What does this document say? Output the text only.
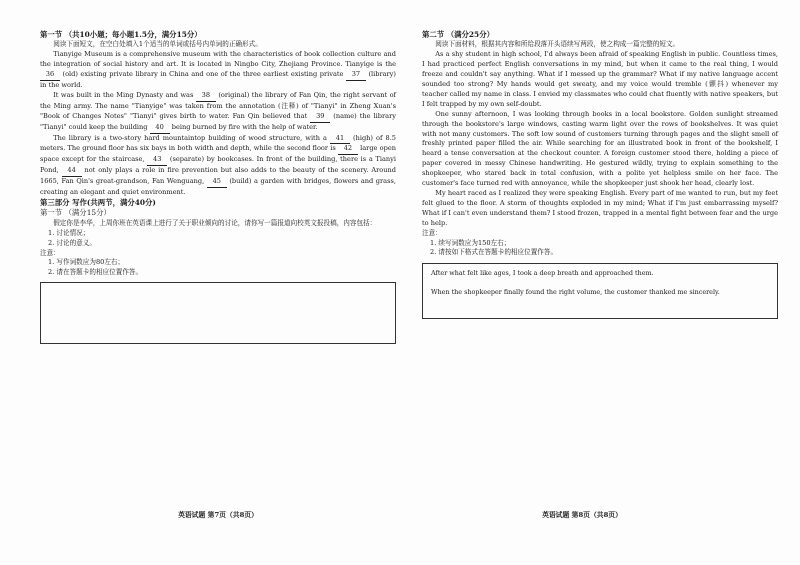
第一节 （共10小题；每小题1.5分，满分15分）

阅读下面短文，在空白处填入1个适当的单词或括号内单词的正确形式。

Tianyige Museum is a comprehensive museum with the characteristics of book collection culture and the integration of social history and art. It is located in Ningbo City, Zhejiang Province. Tianyige is the 36 (old) existing private library in China and one of the three earliest existing private 37 (library) in the world.

It was built in the Ming Dynasty and was 38 (original) the library of Fan Qin, the right servant of the Ming army. The name "Tianyige" was taken from the annotation (注释) of "Tianyi" in Zheng Xuan's "Book of Changes Notes" "Tianyi" gives birth to water. Fan Qin believed that 39 (name) the library "Tianyi" could keep the building 40 being burned by fire with the help of water.

The library is a two-story hard mountaintop building of wood structure, with a 41 (high) of 8.5 meters. The ground floor has six bays in both width and depth, while the second floor is 42 large open space except for the staircase, 43 (separate) by bookcases. In front of the building, there is a Tianyi Pond, 44 not only plays a role in fire prevention but also adds to the beauty of the scenery. Around 1665, Fan Qin's great-grandson, Fan Wenguang, 45 (build) a garden with bridges, flowers and grass, creating an elegant and quiet environment.

第三部分 写作(共两节，满分40分)

第一节 （满分15分）

假定你是李华，上周你班在英语课上进行了关于职业倾向的讨论，请你写一篇报道向校英文报投稿，内容包括：

1. 讨论情况；

2. 讨论的意义。

注意：

1. 写作词数应为80左右；

2. 请在答题卡的相应位置作答。

英语试题 第7页（共8页）

第二节 （满分25分）

阅读下面材料，根据其内容和所给段落开头语续写两段，使之构成一篇完整的短文。

As a shy student in high school, I'd always been afraid of speaking English in public. Countless times, I had practiced perfect English conversations in my mind, but when it came to the real thing, I would freeze and couldn't say anything. What if I messed up the grammar? What if my native language accent sounded too strong? My hands would get sweaty, and my voice would tremble (颤抖) whenever my teacher called my name in class. I envied my classmates who could chat fluently with native speakers, but I felt trapped by my own self-doubt.

One sunny afternoon, I was looking through books in a local bookstore. Golden sunlight streamed through the bookstore's large windows, casting warm light over the rows of bookshelves. It was quiet with not many customers. The soft low sound of customers turning through pages and the slight smell of freshly printed paper filled the air. While searching for an illustrated book in front of the bookshelf, I heard a tense conversation at the checkout counter. A foreign customer stood there, holding a piece of paper covered in messy Chinese handwriting. He gestured wildly, trying to explain something to the shopkeeper, who stared back in total confusion, with a polite yet helpless smile on her face. The customer's face turned red with annoyance, while the shopkeeper just shook her head, clearly lost.

My heart raced as I realized they were speaking English. Every part of me wanted to run, but my feet felt glued to the floor. A storm of thoughts exploded in my mind; What if I'm just embarrassing myself? What if I can't even understand them? I stood frozen, trapped in a mental fight between fear and the urge to help.

注意：

1. 续写词数应为150左右；

2. 请按如下格式在答题卡的相应位置作答。

After what felt like ages, I took a deep breath and approached them.

When the shopkeeper finally found the right volume, the customer thanked me sincerely.

英语试题 第8页（共8页）
